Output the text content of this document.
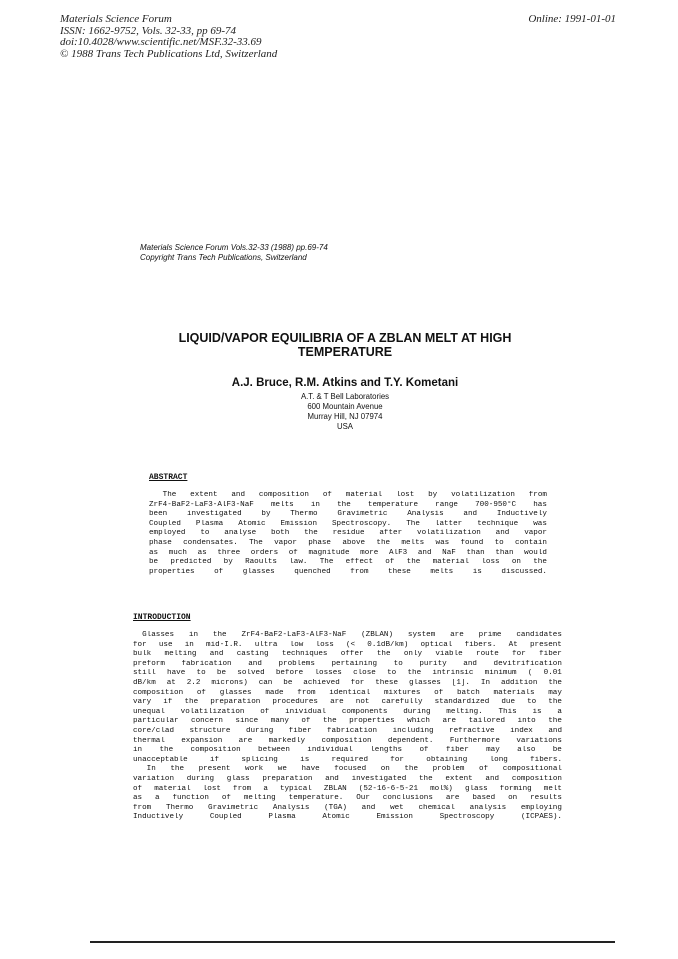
Materials Science Forum
ISSN: 1662-9752, Vols. 32-33, pp 69-74
doi:10.4028/www.scientific.net/MSF.32-33.69
© 1988 Trans Tech Publications Ltd, Switzerland
Online: 1991-01-01
Materials Science Forum Vols.32-33 (1988) pp.69-74
Copyright Trans Tech Publications, Switzerland
LIQUID/VAPOR EQUILIBRIA OF A ZBLAN MELT AT HIGH
TEMPERATURE
A.J. Bruce, R.M. Atkins and T.Y. Kometani
A.T. & T Bell Laboratories
600 Mountain Avenue
Murray Hill, NJ 07974
USA
ABSTRACT
The extent and composition of material lost by volatilization from
ZrF4-BaF2-LaF3-AlF3-NaF melts in the temperature range 700-950°C has
been	investigated	by	Thermo	Gravimetric	Analysis	and	Inductively
Coupled Plasma Atomic Emission Spectroscopy. The latter technique was
employed to analyse both the residue after volatilization and vapor
phase condensates. The vapor phase above the melts was found to contain
as much as three orders of magnitude more AlF3 and NaF than than would
be predicted by Raoults law. The effect of the material loss on the
properties of glasses quenched from these melts is discussed.
INTRODUCTION
Glasses in the ZrF4-BaF2-LaF3-AlF3-NaF (ZBLAN) system are prime candidates
for use in mid-I.R. ultra low loss (< 0.1dB/km) optical fibers. At present
bulk melting and casting techniques offer the only viable route for fiber
preform fabrication and problems pertaining to purity and devitrification
still have to be solved before losses close to the intrinsic minimum ( 0.01
dB/km at 2.2 microns) can be achieved for these glasses [1]. In addition the
composition of glasses made from identical mixtures of batch materials may
vary if the preparation procedures are not carefully standardized due to the
unequal volatilization of inividual components during melting. This is a
particular concern since many of the properties which are tailored into the
core/clad structure during fiber fabrication including refractive index and
thermal expansion are markedly composition dependent. Furthermore variations
in the composition between individual lengths of fiber may also be
unacceptable if splicing is required for obtaining long fibers.
In the present work we have focused on the problem of compositional
variation during glass preparation and investigated the extent and composition
of material lost from a typical ZBLAN (52-16-6-5-21 mol%) glass forming melt
as a function of melting temperature. Our conclusions are based on results
from Thermo Gravimetric Analysis (TGA) and wet chemical analysis employing
Inductively Coupled Plasma Atomic Emission Spectroscopy (ICPAES).
